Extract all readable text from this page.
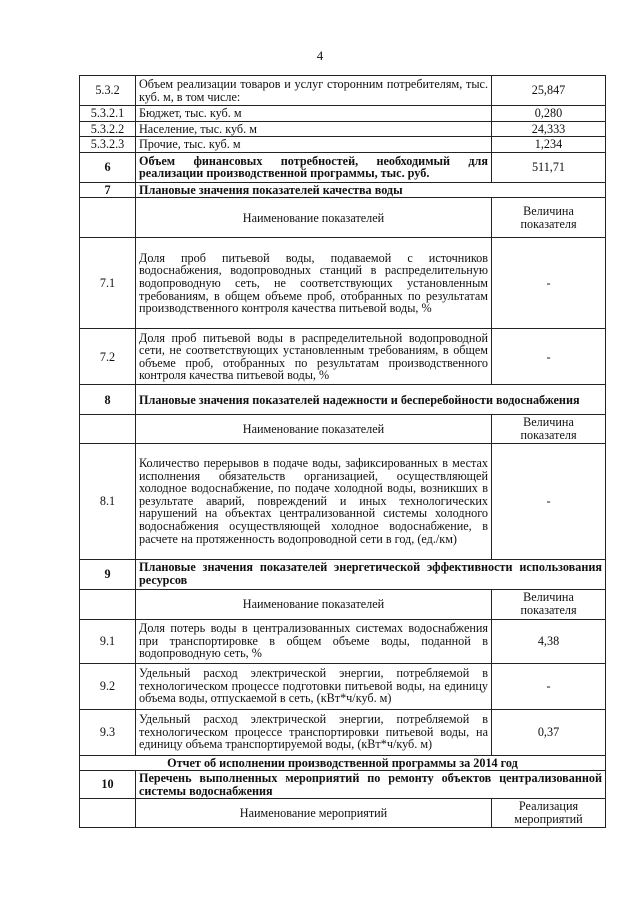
4
5.3.2	Объем реализации товаров и услуг сторонним потребителям, тыс. куб. м, в том числе:	25,847
5.3.2.1	Бюджет, тыс. куб. м	0,280
5.3.2.2	Население, тыс. куб. м	24,333
5.3.2.3	Прочие, тыс. куб. м	1,234
6	Объем финансовых потребностей, необходимый для реализации производственной программы, тыс. руб.	511,71
7	Плановые значения показателей качества воды	
	Наименование показателей	Величина показателя
7.1	Доля проб питьевой воды, подаваемой с источников водоснабжения, водопроводных станций в распределительную водопроводную сеть, не соответствующих установленным требованиям, в общем объеме проб, отобранных по результатам производственного контроля качества питьевой воды, %	-
7.2	Доля проб питьевой воды в распределительной водопроводной сети, не соответствующих установленным требованиям, в общем объеме проб, отобранных по результатам производственного контроля качества питьевой воды, %	-
8	Плановые значения показателей надежности и бесперебойности водоснабжения	
	Наименование показателей	Величина показателя
8.1	Количество перерывов в подаче воды, зафиксированных в местах исполнения обязательств организацией, осуществляющей холодное водоснабжение, по подаче холодной воды, возникших в результате аварий, повреждений и иных технологических нарушений на объектах централизованной системы холодного водоснабжения осуществляющей холодное водоснабжение, в расчете на протяженность водопроводной сети в год, (ед./км)	-
9	Плановые значения показателей энергетической эффективности использования ресурсов	
	Наименование показателей	Величина показателя
9.1	Доля потерь воды в централизованных системах водоснабжения при транспортировке в общем объеме воды, поданной в водопроводную сеть, %	4,38
9.2	Удельный расход электрической энергии, потребляемой в технологическом процессе подготовки питьевой воды, на единицу объема воды, отпускаемой в сеть, (кВт*ч/куб. м)	-
9.3	Удельный расход электрической энергии, потребляемой в технологическом процессе транспортировки питьевой воды, на единицу объема транспортируемой воды, (кВт*ч/куб. м)	0,37
Отчет об исполнении производственной программы за 2014 год		
10	Перечень выполненных мероприятий по ремонту объектов централизованной системы водоснабжения	
	Наименование мероприятий	Реализация мероприятий
